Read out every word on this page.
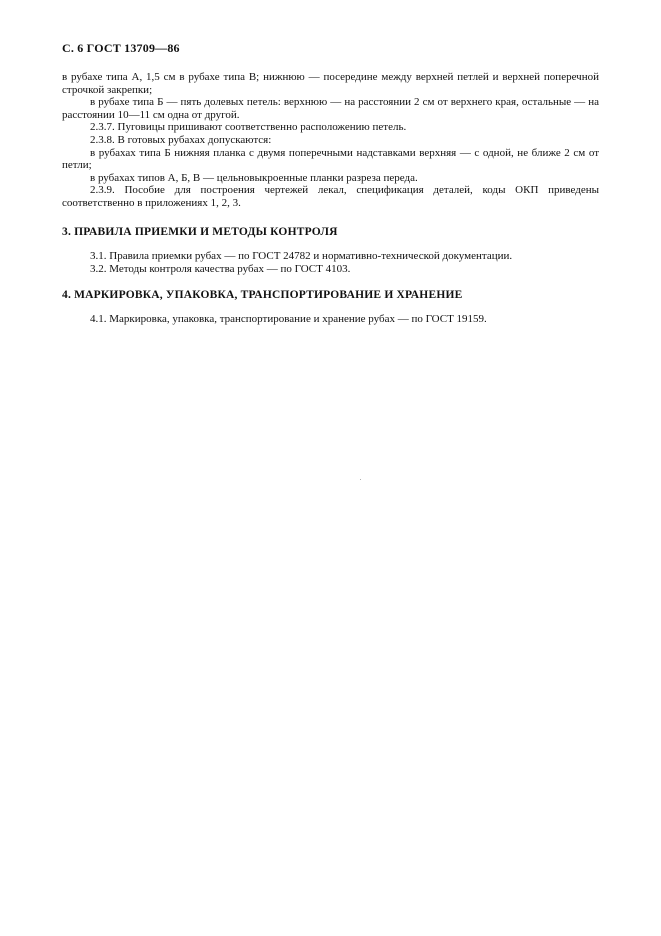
С. 6 ГОСТ 13709—86

в рубахе типа А, 1,5 см в рубахе типа В; нижнюю — посередине между верхней петлей и верхней поперечной строчкой закрепки;

в рубахе типа Б — пять долевых петель: верхнюю — на расстоянии 2 см от верхнего края, остальные — на расстоянии 10—11 см одна от другой.

2.3.7. Пуговицы пришивают соответственно расположению петель.

2.3.8. В готовых рубахах допускаются:

в рубахах типа Б нижняя планка с двумя поперечными надставками верхняя — с одной, не ближе 2 см от петли;

в рубахах типов А, Б, В — цельновыкроенные планки разреза переда.

2.3.9. Пособие для построения чертежей лекал, спецификация деталей, коды ОКП приведены соответственно в приложениях 1, 2, 3.

3. ПРАВИЛА ПРИЕМКИ И МЕТОДЫ КОНТРОЛЯ

3.1. Правила приемки рубах — по ГОСТ 24782 и нормативно-технической документации.

3.2. Методы контроля качества рубах — по ГОСТ 4103.

4. МАРКИРОВКА, УПАКОВКА, ТРАНСПОРТИРОВАНИЕ И ХРАНЕНИЕ

4.1. Маркировка, упаковка, транспортирование и хранение рубах — по ГОСТ 19159.
